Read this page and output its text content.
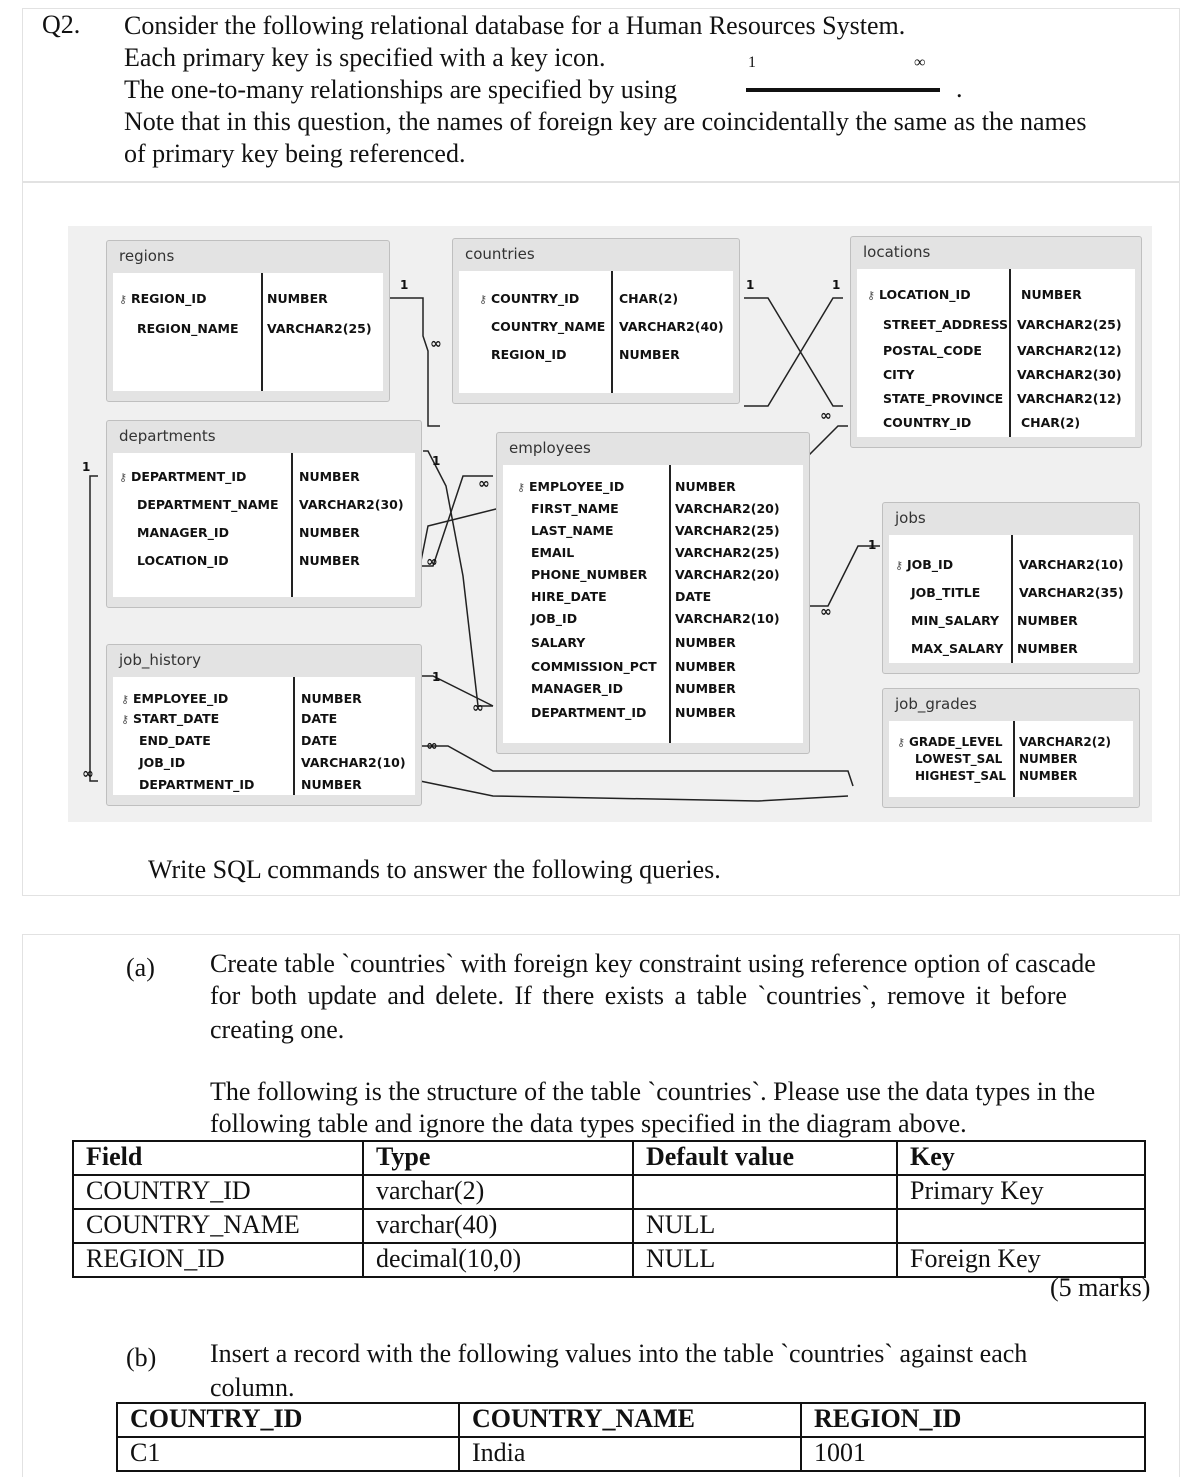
Q2. Consider the following relational database for a Human Resources System.
Each primary key is specified with a key icon.
The one-to-many relationships are specified by using
Note that in this question, the names of foreign key are coincidentally the same as the names
of primary key being referenced.
1	∞
.
regions
⚷ REGION_ID	NUMBER
REGION_NAME VARCHAR2(25)
countries
⚷ COUNTRY_ID	CHAR(2)
COUNTRY_NAME VARCHAR2(40)
REGION_ID	NUMBER
locations
⚷ LOCATION_ID	NUMBER
STREET_ADDRESS VARCHAR2(25)
POSTAL_CODE	VARCHAR2(12)
CITY	VARCHAR2(30)
STATE_PROVINCE VARCHAR2(12)
COUNTRY_ID	CHAR(2)
departments
⚷ DEPARTMENT_ID	NUMBER
DEPARTMENT_NAME VARCHAR2(30)
MANAGER_ID	NUMBER
LOCATION_ID	NUMBER
employees
⚷ EMPLOYEE_ID	NUMBER
FIRST_NAME	VARCHAR2(20)
LAST_NAME	VARCHAR2(25)
EMAIL	VARCHAR2(25)
PHONE_NUMBER VARCHAR2(20)
HIRE_DATE	DATE
JOB_ID	VARCHAR2(10)
SALARY	NUMBER
COMMISSION_PCT NUMBER
MANAGER_ID	NUMBER
DEPARTMENT_ID NUMBER
jobs
⚷ JOB_ID	VARCHAR2(10)
JOB_TITLE	VARCHAR2(35)
MIN_SALARY NUMBER
MAX_SALARY NUMBER
job_history
⚷ EMPLOYEE_ID	NUMBER
⚷ START_DATE	DATE
END_DATE	DATE
JOB_ID	VARCHAR2(10)
DEPARTMENT_ID	NUMBER
job_grades
⚷ GRADE_LEVEL VARCHAR2(2)
LOWEST_SAL NUMBER
HIGHEST_SAL NUMBER
1
∞
1	1
∞
1
∞
∞
1
∞
∞
1
∞
1
∞
Write SQL commands to answer the following queries.
(a) Create table `countries` with foreign key constraint using reference option of cascade
for both update and delete. If there exists a table `countries`, remove it before
creating one.
The following is the structure of the table `countries`. Please use the data types in the
following table and ignore the data types specified in the diagram above.
Field	Type	Default value	Key
COUNTRY_ID	varchar(2)		Primary Key
COUNTRY_NAME	varchar(40)	NULL	
REGION_ID	decimal(10,0)	NULL	Foreign Key
(5 marks)
(b) Insert a record with the following values into the table `countries` against each
column.
COUNTRY_ID	COUNTRY_NAME	REGION_ID
C1	India	1001
